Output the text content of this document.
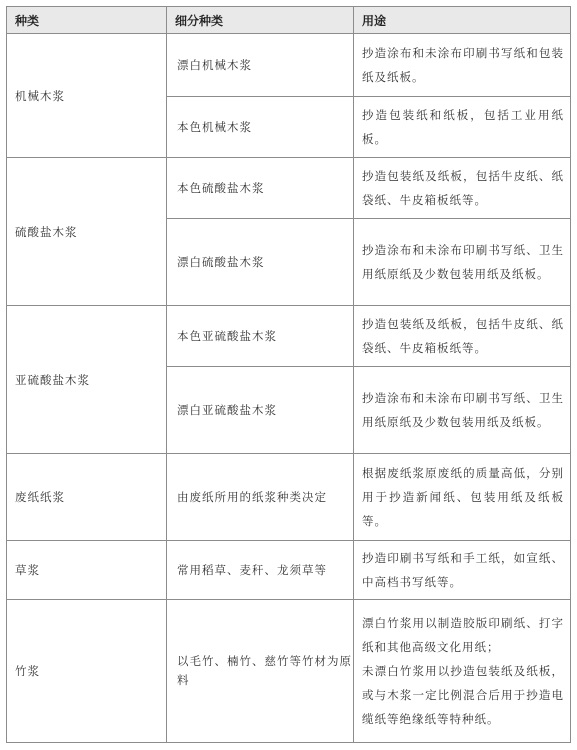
种类	细分种类	用途
机械木浆	漂白机械木浆	抄造涂布和未涂布印刷书写纸和包装纸及纸板。
	本色机械木浆	抄造包装纸和纸板，包括工业用纸板。
硫酸盐木浆	本色硫酸盐木浆	抄造包装纸及纸板，包括牛皮纸、纸袋纸、牛皮箱板纸等。
	漂白硫酸盐木浆	抄造涂布和未涂布印刷书写纸、卫生用纸原纸及少数包装用纸及纸板。
亚硫酸盐木浆	本色亚硫酸盐木浆	抄造包装纸及纸板，包括牛皮纸、纸袋纸、牛皮箱板纸等。
	漂白亚硫酸盐木浆	抄造涂布和未涂布印刷书写纸、卫生用纸原纸及少数包装用纸及纸板。
废纸纸浆	由废纸所用的纸浆种类决定	根据废纸浆原废纸的质量高低，分别用于抄造新闻纸、包装用纸及纸板等。
草浆	常用稻草、麦秆、龙须草等	抄造印刷书写纸和手工纸，如宣纸、中高档书写纸等。
竹浆	以毛竹、楠竹、慈竹等竹材为原料	漂白竹浆用以制造胶版印刷纸、打字纸和其他高级文化用纸；
未漂白竹浆用以抄造包装纸及纸板，或与木浆一定比例混合后用于抄造电缆纸等绝缘纸等特种纸。
